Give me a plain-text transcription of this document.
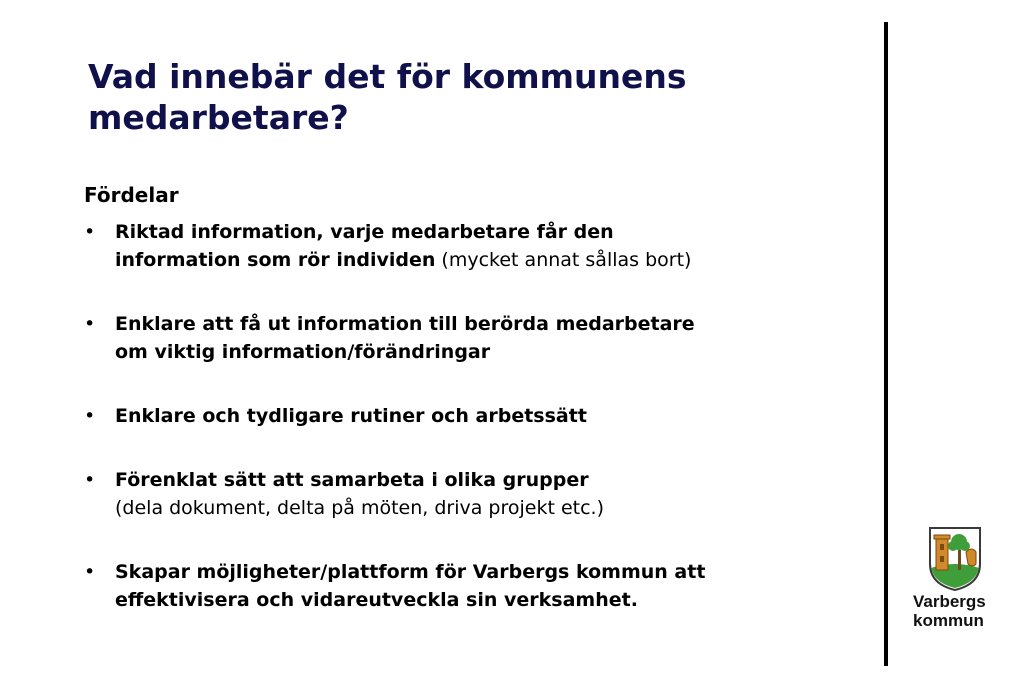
Vad innebär det för kommunens
medarbetare?
Fördelar
• Riktad information, varje medarbetare får den
information som rör individen (mycket annat sållas bort)
• Enklare att få ut information till berörda medarbetare
om viktig information/förändringar
• Enklare och tydligare rutiner och arbetssätt
• Förenklat sätt att samarbeta i olika grupper
(dela dokument, delta på möten, driva projekt etc.)
• Skapar möjligheter/plattform för Varbergs kommun att
effektivisera och vidareutveckla sin verksamhet.	Varbergs
kommun
